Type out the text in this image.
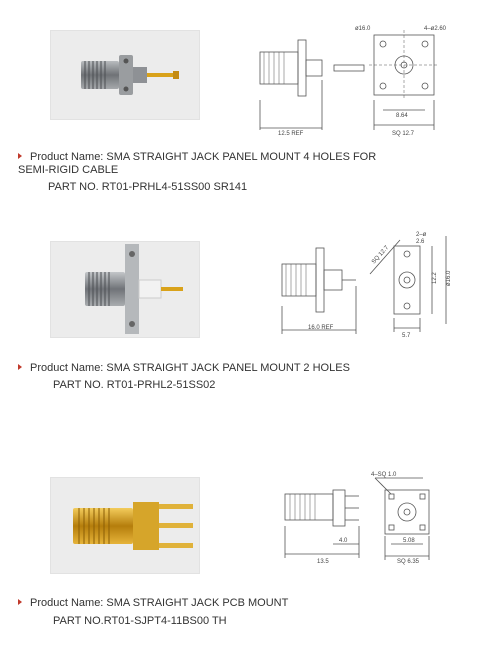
12.5 REF
ø16.0	4–ø2.60
8.64
SQ 12.7
Product Name: SMA STRAIGHT JACK PANEL MOUNT 4 HOLES FOR
SEMI-RIGID CABLE
PART NO. RT01-PRHL4-51SS00 SR141
16.0 REF
SQ 12.7
2–ø
2.6
ø16.0
12.2
5.7
Product Name: SMA STRAIGHT JACK PANEL MOUNT 2 HOLES
PART NO. RT01-PRHL2-51SS02
4.0
13.5
4–SQ 1.0
5.08
SQ 6.35
Product Name: SMA STRAIGHT JACK PCB MOUNT
PART NO.RT01-SJPT4-11BS00 TH
